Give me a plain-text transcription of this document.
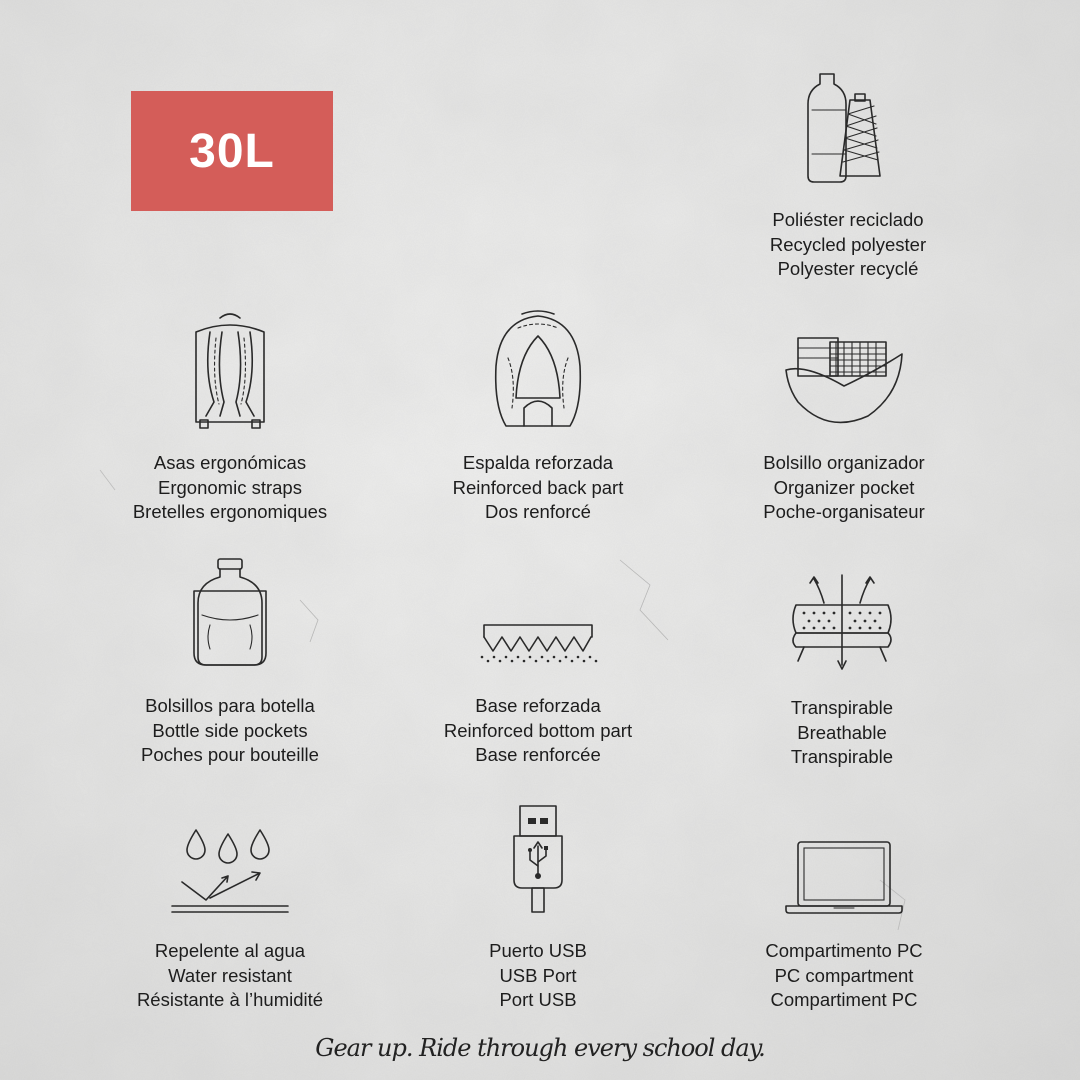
30L
Poliéster reciclado
Recycled polyester
Polyester recyclé
Asas ergonómicas
Ergonomic straps
Bretelles ergonomiques
Espalda reforzada
Reinforced back part
Dos renforcé
Bolsillo organizador
Organizer pocket
Poche-organisateur
Bolsillos para botella
Bottle side pockets
Poches pour bouteille
Base reforzada
Reinforced bottom part
Base renforcée
Transpirable
Breathable
Transpirable
Repelente al agua
Water resistant
Résistante à l’humidité
Puerto USB
USB Port
Port USB
Compartimento PC
PC compartment
Compartiment PC
Gear up. Ride through every school day.
